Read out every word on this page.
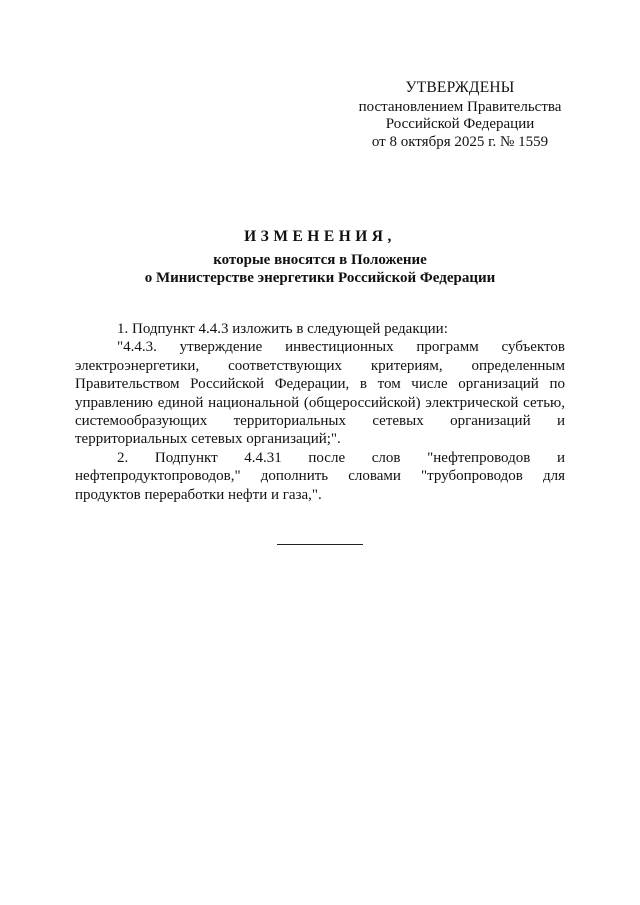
УТВЕРЖДЕНЫ
постановлением Правительства
Российской Федерации
от 8 октября 2025 г. № 1559
ИЗМЕНЕНИЯ,
которые вносятся в Положение
о Министерстве энергетики Российской Федерации

1. Подпункт 4.4.3 изложить в следующей редакции:

"4.4.3. утверждение инвестиционных программ субъектов электроэнергетики, соответствующих критериям, определенным Правительством Российской Федерации, в том числе организаций по управлению единой национальной (общероссийской) электрической сетью, системообразующих территориальных сетевых организаций и территориальных сетевых организаций;".

2. Подпункт 4.4.31 после слов "нефтепроводов и нефтепродуктопроводов," дополнить словами "трубопроводов для продуктов переработки нефти и газа,".
